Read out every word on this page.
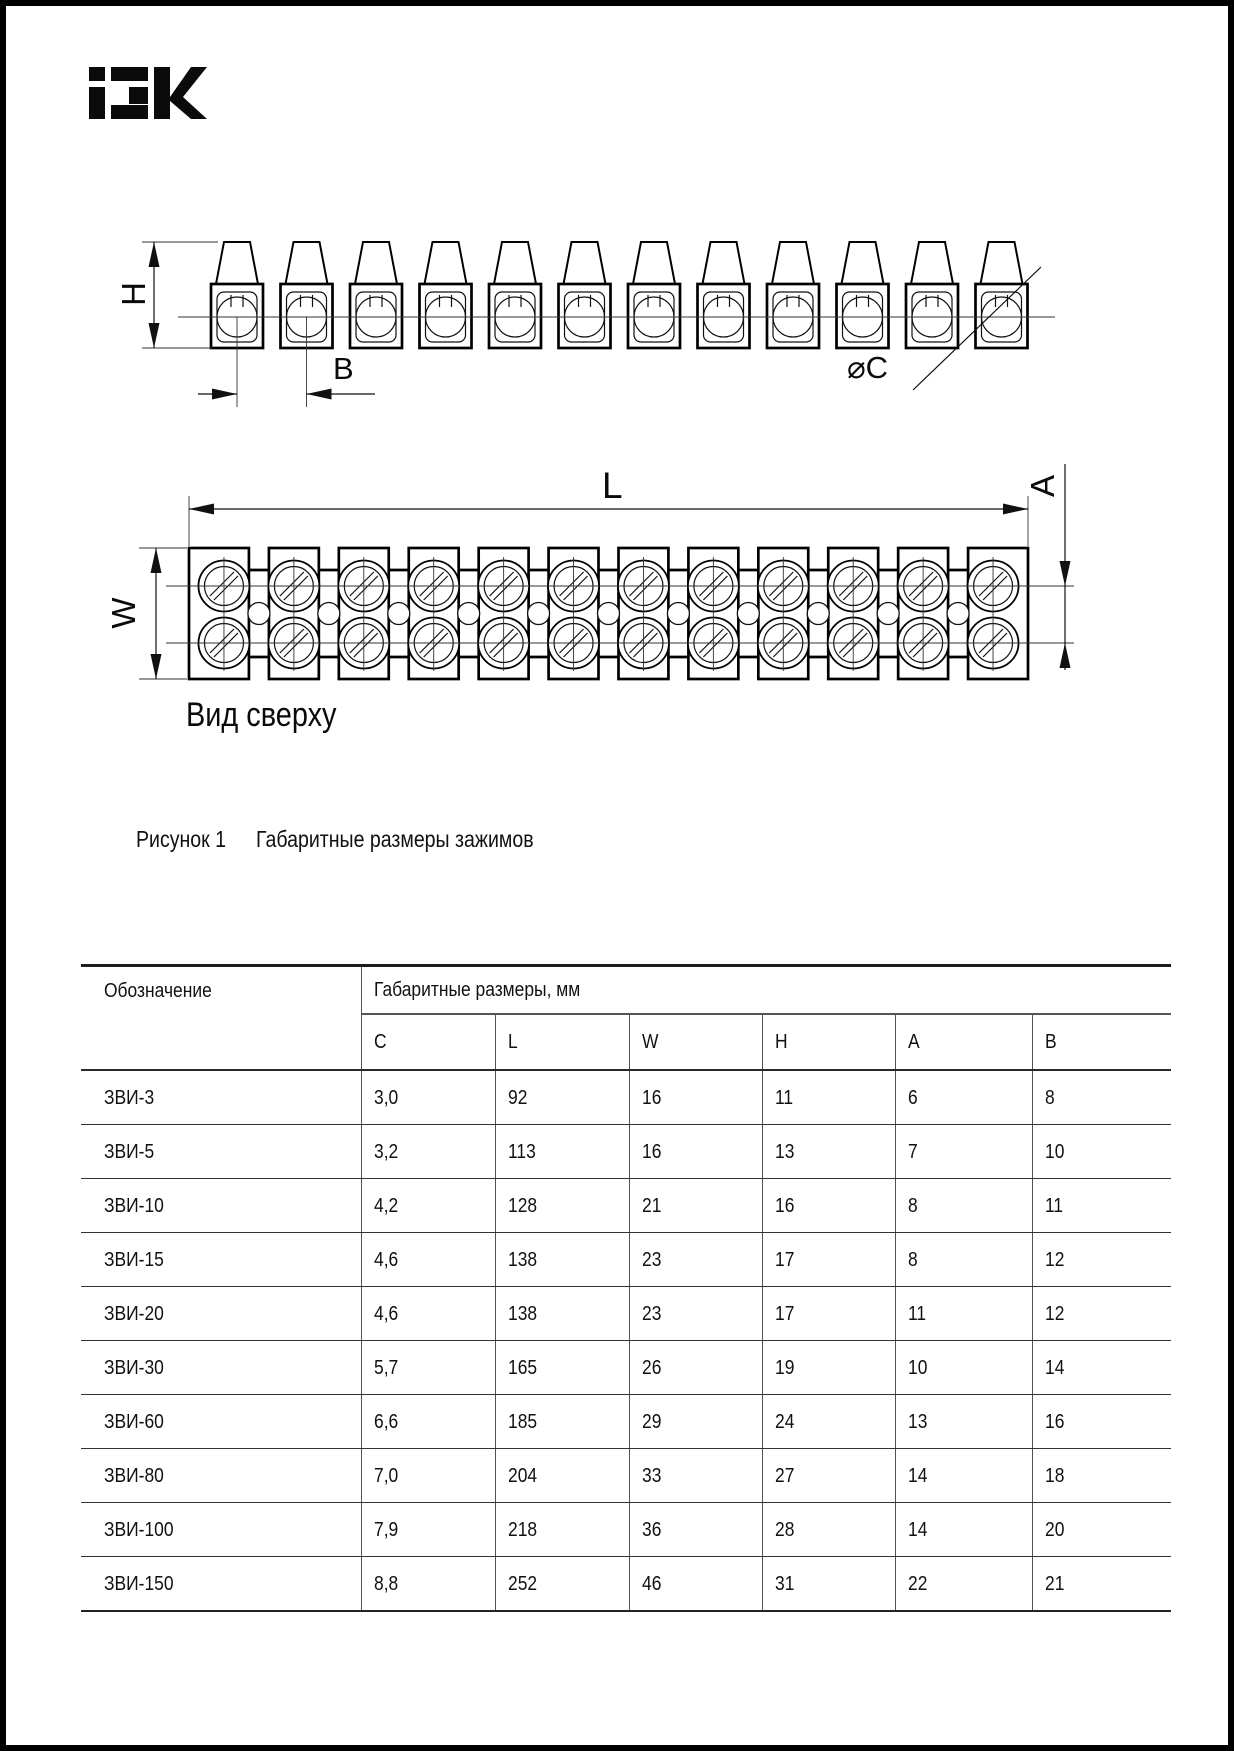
H
B	⌀C
L
W
A
Вид сверху
Рисунок 1 Габаритные размеры зажимов
Обозначение	Габаритные размеры, мм					
	C	L	W	H	A	B
ЗВИ-3	3,0	92	16	11	6	8
ЗВИ-5	3,2	113	16	13	7	10
ЗВИ-10	4,2	128	21	16	8	11
ЗВИ-15	4,6	138	23	17	8	12
ЗВИ-20	4,6	138	23	17	11	12
ЗВИ-30	5,7	165	26	19	10	14
ЗВИ-60	6,6	185	29	24	13	16
ЗВИ-80	7,0	204	33	27	14	18
ЗВИ-100	7,9	218	36	28	14	20
ЗВИ-150	8,8	252	46	31	22	21
